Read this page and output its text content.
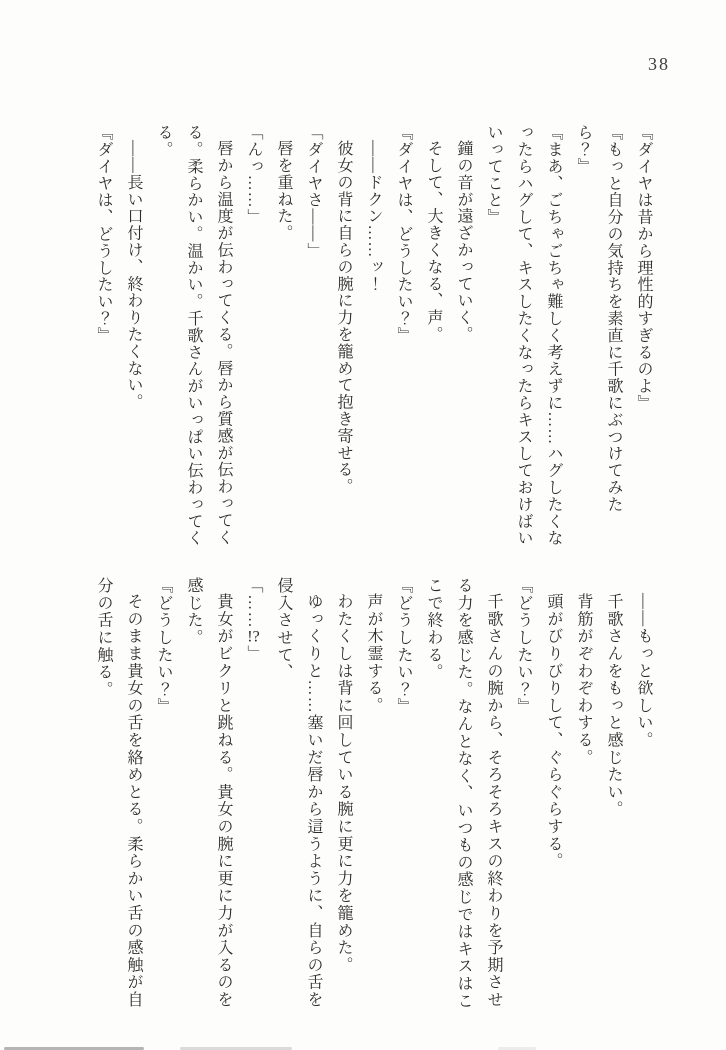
38

『ダイヤは昔から理性的すぎるのよ』

『もっと自分の気持ちを素直に千歌にぶつけてみた

ら？』

『まあ、ごちゃごちゃ難しく考えずに……ハグしたくな

ったらハグして、キスしたくなったらキスしておけばい

いってこと』

鐘の音が遠ざかっていく。

そして、大きくなる、声。

『ダイヤは、どうしたい？』

――ドクン……ッ！

彼女の背に自らの腕に力を籠めて抱き寄せる。

「ダイヤさ――」

唇を重ねた。

「んっ……」

唇から温度が伝わってくる。唇から質感が伝わってく

る。柔らかい。温かい。千歌さんがいっぱい伝わってく

る。

――長い口付け、終わりたくない。

『ダイヤは、どうしたい？』

――もっと欲しい。

千歌さんをもっと感じたい。

背筋がぞわぞわする。

頭がびりびりして、ぐらぐらする。

『どうしたい？』

千歌さんの腕から、そろそろキスの終わりを予期させ

る力を感じた。なんとなく、いつもの感じではキスはこ

こで終わる。

『どうしたい？』

声が木霊する。

わたくしは背に回している腕に更に力を籠めた。

ゆっくりと……塞いだ唇から這うように、自らの舌を

侵入させて、

「……!?」

貴女がビクリと跳ねる。貴女の腕に更に力が入るのを

感じた。

『どうしたい？』

そのまま貴女の舌を絡めとる。柔らかい舌の感触が自

分の舌に触る。
